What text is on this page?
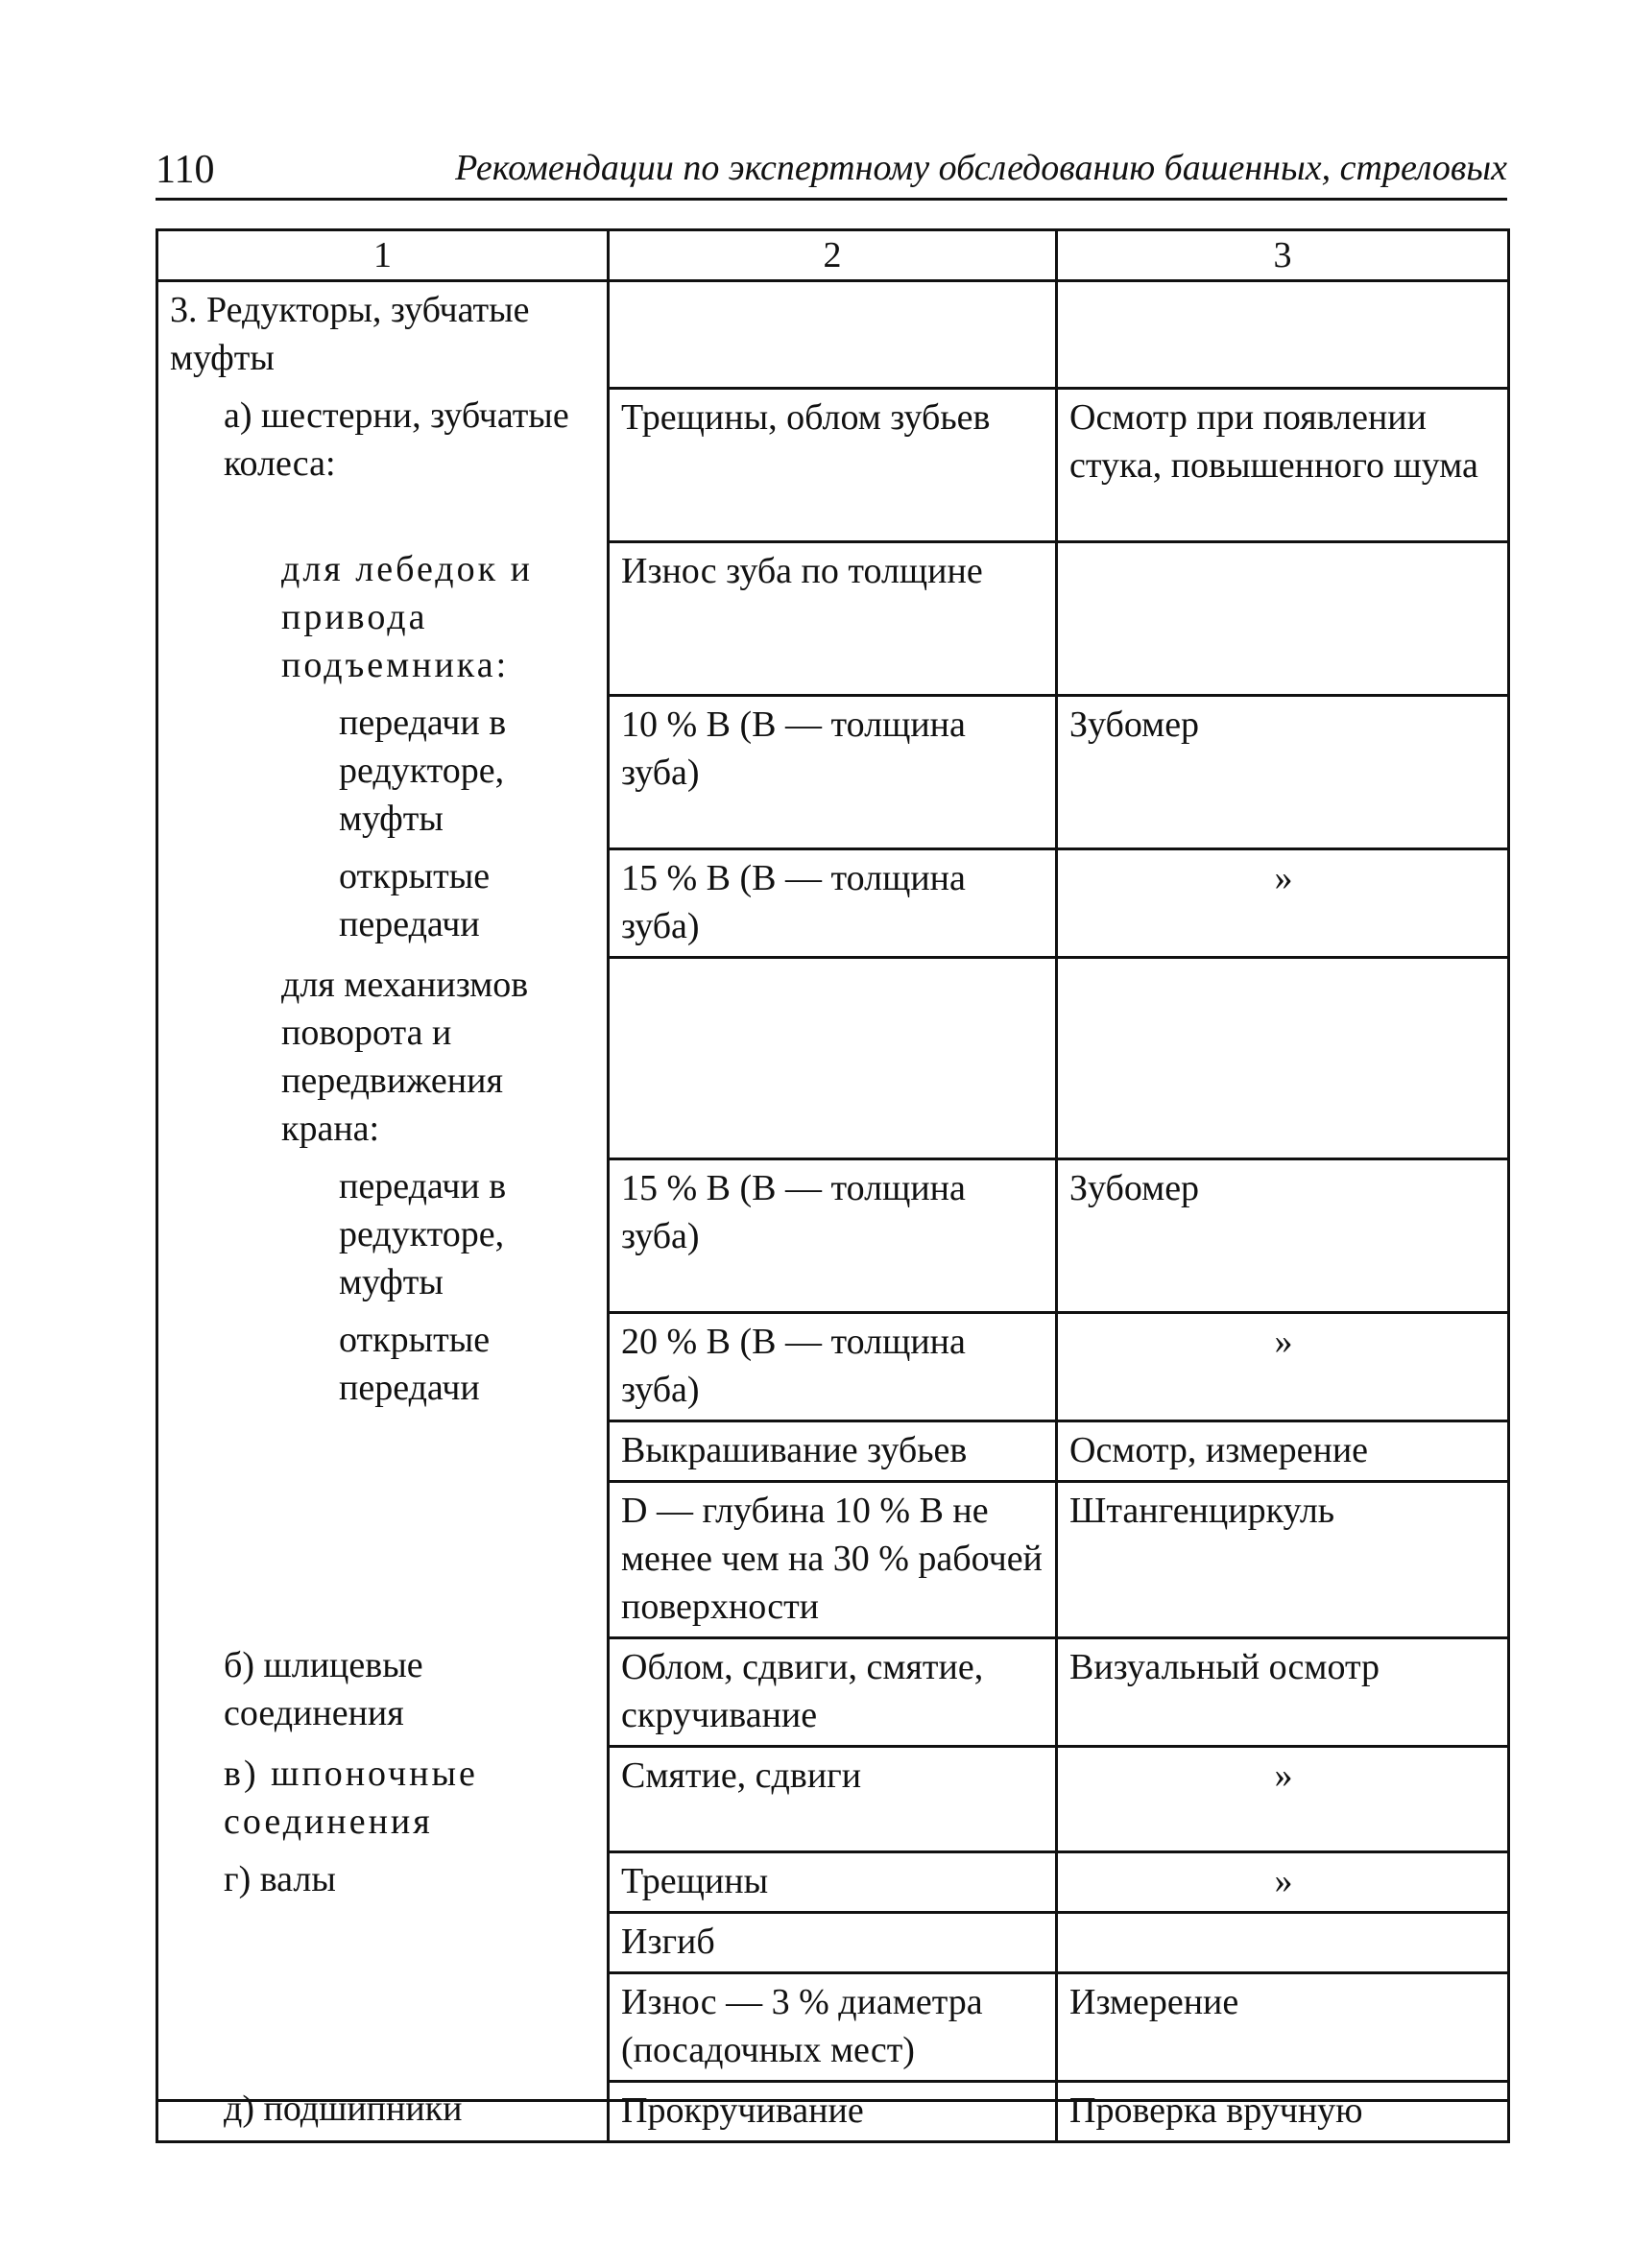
110	Рекомендации по экспертному обследованию башенных, стреловых
1	2	3
3. Редукторы, зубчатые муфты		
а) шестерни, зубчатые колеса:	Трещины, облом зубьев	Осмотр при появлении стука, повышенного шума
для лебедок и привода подъемника:	Износ зуба по толщине	
передачи в редукторе, муфты	10 % В (В — толщина зуба)	Зубомер
открытые передачи	15 % В (В — толщина зуба)	»
для механизмов поворота и передвижения крана:		
передачи в редукторе, муфты	15 % В (В — толщина зуба)	Зубомер
открытые передачи	20 % В (В — толщина зуба)	»
	Выкрашивание зубьев	Осмотр, измерение
	D — глубина 10 % В не менее чем на 30 % рабочей поверхности	Штангенциркуль
б) шлицевые соединения	Облом, сдвиги, смятие, скручивание	Визуальный осмотр
в) шпоночные соединения	Смятие, сдвиги	»
г) валы	Трещины	»
	Изгиб	
	Износ — 3 % диаметра (посадочных мест)	Измерение
д) подшипники	Прокручивание	Проверка вручную
